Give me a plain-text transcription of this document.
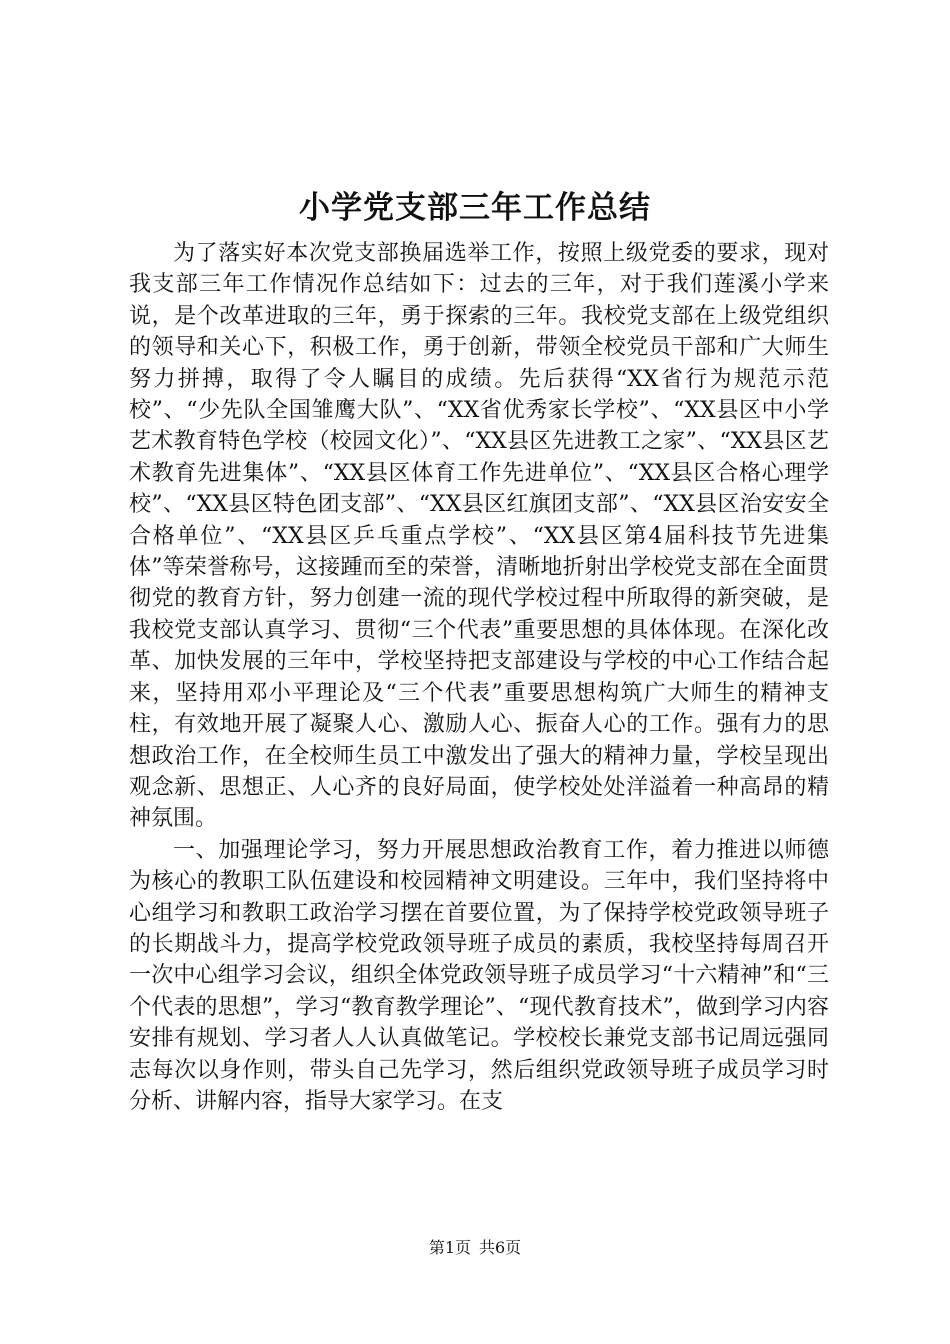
小学党支部三年工作总结

为了落实好本次党支部换届选举工作，按照上级党委的要求，现对我支部三年工作情况作总结如下：过去的三年，对于我们莲溪小学来说，是个改革进取的三年，勇于探索的三年。我校党支部在上级党组织的领导和关心下，积极工作，勇于创新，带领全校党员干部和广大师生努力拼搏，取得了令人瞩目的成绩。先后获得“XX省行为规范示范校”、“少先队全国雏鹰大队”、“XX省优秀家长学校”、“XX县区中小学艺术教育特色学校（校园文化）”、“XX县区先进教工之家”、“XX县区艺术教育先进集体”、“XX县区体育工作先进单位”、“XX县区合格心理学校”、“XX县区特色团支部”、“XX县区红旗团支部”、“XX县区治安安全合格单位”、“XX县区乒乓重点学校”、“XX县区第4届科技节先进集体”等荣誉称号，这接踵而至的荣誉，清晰地折射出学校党支部在全面贯彻党的教育方针，努力创建一流的现代学校过程中所取得的新突破，是我校党支部认真学习、贯彻“三个代表”重要思想的具体体现。在深化改革、加快发展的三年中，学校坚持把支部建设与学校的中心工作结合起来，坚持用邓小平理论及“三个代表”重要思想构筑广大师生的精神支柱，有效地开展了凝聚人心、激励人心、振奋人心的工作。强有力的思想政治工作，在全校师生员工中激发出了强大的精神力量，学校呈现出观念新、思想正、人心齐的良好局面，使学校处处洋溢着一种高昂的精神氛围。

一、加强理论学习，努力开展思想政治教育工作，着力推进以师德为核心的教职工队伍建设和校园精神文明建设。三年中，我们坚持将中心组学习和教职工政治学习摆在首要位置，为了保持学校党政领导班子的长期战斗力，提高学校党政领导班子成员的素质，我校坚持每周召开一次中心组学习会议，组织全体党政领导班子成员学习“十六精神”和“三个代表的思想”，学习“教育教学理论”、“现代教育技术”，做到学习内容安排有规划、学习者人人认真做笔记。学校校长兼党支部书记周远强同志每次以身作则，带头自己先学习，然后组织党政领导班子成员学习时分析、讲解内容，指导大家学习。在支

第1页 共6页
